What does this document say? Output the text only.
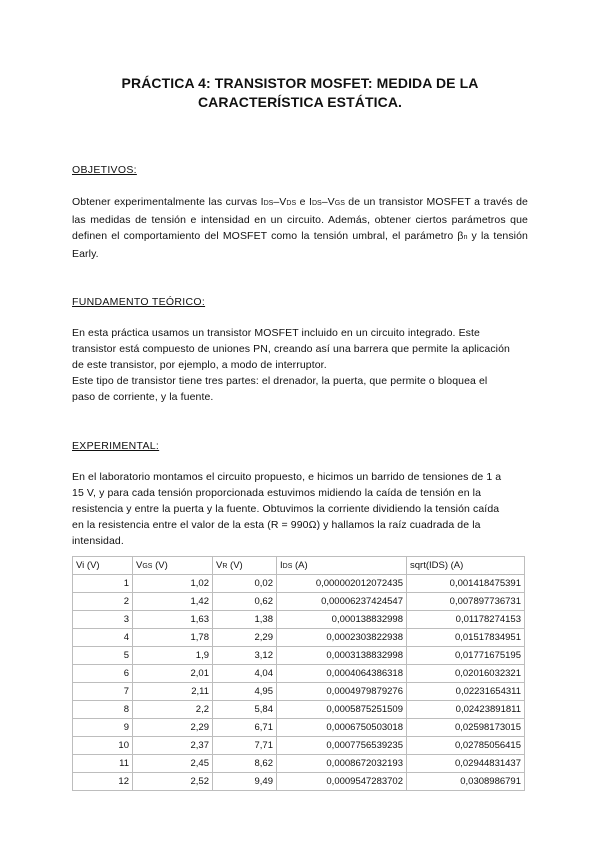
PRÁCTICA 4: TRANSISTOR MOSFET: MEDIDA DE LA
CARACTERÍSTICA ESTÁTICA.
OBJETIVOS:
Obtener experimentalmente las curvas IDS–VDS e IDS–VGS de un transistor MOSFET a través de las medidas de tensión e intensidad en un circuito. Además, obtener ciertos parámetros que definen el comportamiento del MOSFET como la tensión umbral, el parámetro βn y la tensión Early.
FUNDAMENTO TEÓRICO:
En esta práctica usamos un transistor MOSFET incluido en un circuito integrado. Este
transistor está compuesto de uniones PN, creando así una barrera que permite la aplicación
de este transistor, por ejemplo, a modo de interruptor.
Este tipo de transistor tiene tres partes: el drenador, la puerta, que permite o bloquea el
paso de corriente, y la fuente.
EXPERIMENTAL:
En el laboratorio montamos el circuito propuesto, e hicimos un barrido de tensiones de 1 a
15 V, y para cada tensión proporcionada estuvimos midiendo la caída de tensión en la
resistencia y entre la puerta y la fuente. Obtuvimos la corriente dividiendo la tensión caída
en la resistencia entre el valor de la esta (R = 990Ω) y hallamos la raíz cuadrada de la
intensidad.
Vi (V)	VGS (V)	VR (V)	IDS (A)	sqrt(IDS) (A)
1	1,02	0,02	0,000002012072435	0,001418475391
2	1,42	0,62	0,00006237424547	0,007897736731
3	1,63	1,38	0,000138832998	0,01178274153
4	1,78	2,29	0,0002303822938	0,01517834951
5	1,9	3,12	0,0003138832998	0,01771675195
6	2,01	4,04	0,0004064386318	0,02016032321
7	2,11	4,95	0,0004979879276	0,02231654311
8	2,2	5,84	0,0005875251509	0,02423891811
9	2,29	6,71	0,0006750503018	0,02598173015
10	2,37	7,71	0,0007756539235	0,02785056415
11	2,45	8,62	0,0008672032193	0,02944831437
12	2,52	9,49	0,0009547283702	0,0308986791
